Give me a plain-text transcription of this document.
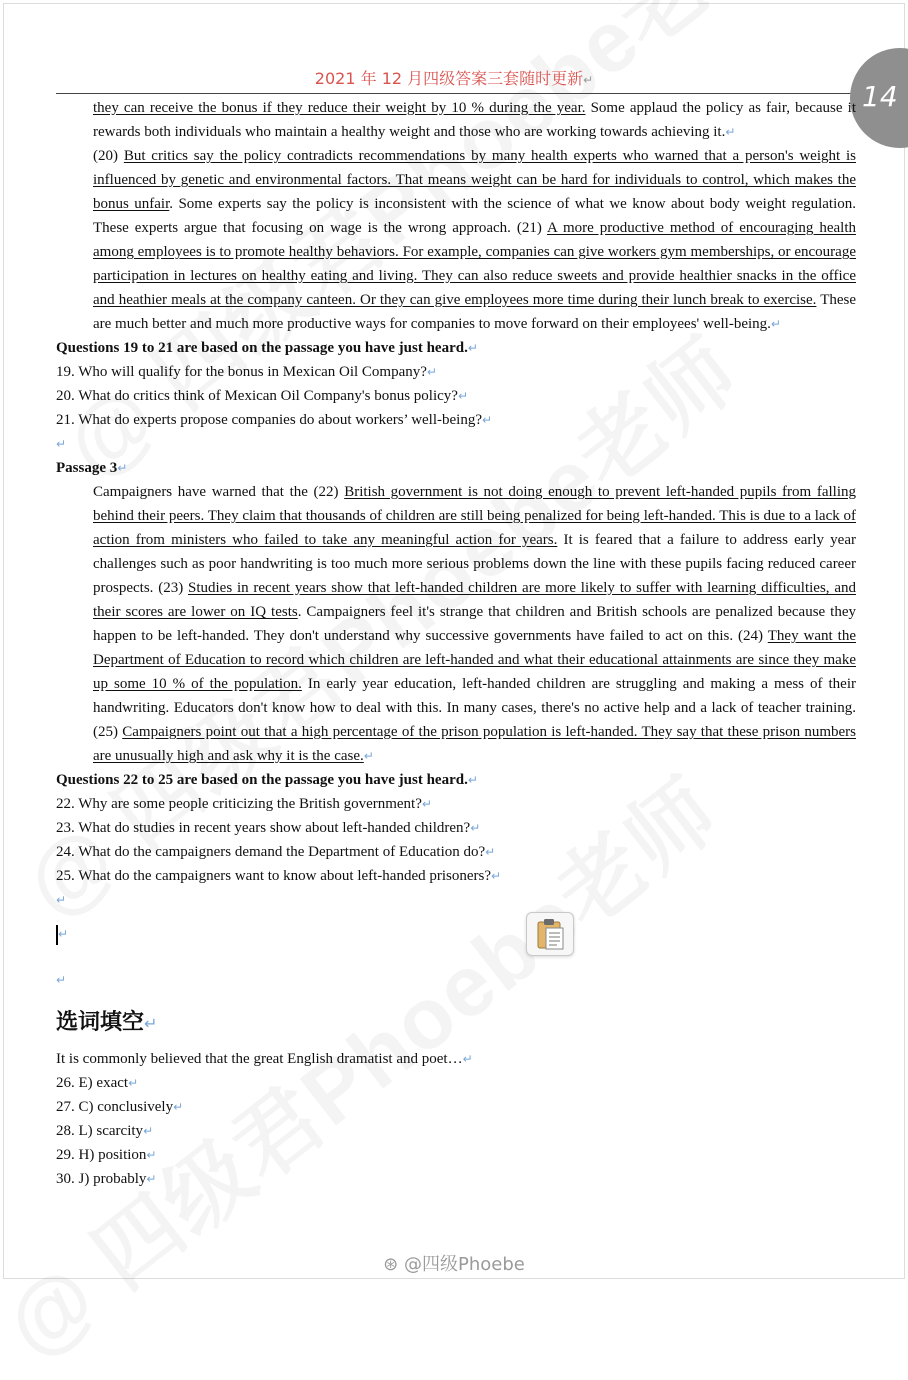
2021 年 12 月四级答案三套随时更新↵	14

they can receive the bonus if they reduce their weight by 10 % during the year. Some applaud the policy as fair, because it rewards both individuals who maintain a healthy weight and those who are working towards achieving it.↵

(20) But critics say the policy contradicts recommendations by many health experts who warned that a person's weight is influenced by genetic and environmental factors. That means weight can be hard for individuals to control, which makes the bonus unfair. Some experts say the policy is inconsistent with the science of what we know about body weight regulation. These experts argue that focusing on wage is the wrong approach. (21) A more productive method of encouraging health among employees is to promote healthy behaviors. For example, companies can give workers gym memberships, or encourage participation in lectures on healthy eating and living. They can also reduce sweets and provide healthier snacks in the office and heathier meals at the company canteen. Or they can give employees more time during their lunch break to exercise. These are much better and much more productive ways for companies to move forward on their employees' well-being.↵

Questions 19 to 21 are based on the passage you have just heard.↵

19. Who will qualify for the bonus in Mexican Oil Company?↵

20. What do critics think of Mexican Oil Company's bonus policy?↵

21. What do experts propose companies do about workers’ well-being?↵

↵

Passage 3↵

Campaigners have warned that the (22) British government is not doing enough to prevent left-handed pupils from falling behind their peers. They claim that thousands of children are still being penalized for being left-handed. This is due to a lack of action from ministers who failed to take any meaningful action for years. It is feared that a failure to address early year challenges such as poor handwriting is too much more serious problems down the line with these pupils facing reduced career prospects. (23) Studies in recent years show that left-handed children are more likely to suffer with learning difficulties, and their scores are lower on IQ tests. Campaigners feel it's strange that children and British schools are penalized because they happen to be left-handed. They don't understand why successive governments have failed to act on this. (24) They want the Department of Education to record which children are left-handed and what their educational attainments are since they make up some 10 % of the population. In early year education, left-handed children are struggling and making a mess of their handwriting. Educators don't know how to deal with this. In many cases, there's no active help and a lack of teacher training. (25) Campaigners point out that a high percentage of the prison population is left-handed. They say that these prison numbers are unusually high and ask why it is the case.↵

Questions 22 to 25 are based on the passage you have just heard.↵

22. Why are some people criticizing the British government?↵

23. What do studies in recent years show about left-handed children?↵

24. What do the campaigners demand the Department of Education do?↵

25. What do the campaigners want to know about left-handed prisoners?↵

↵

↵

↵

选词填空↵

It is commonly believed that the great English dramatist and poet…↵

26. E) exact↵

27. C) conclusively↵

28. L) scarcity↵

29. H) position↵

30. J) probably↵

⊛ @四级Phoebe
